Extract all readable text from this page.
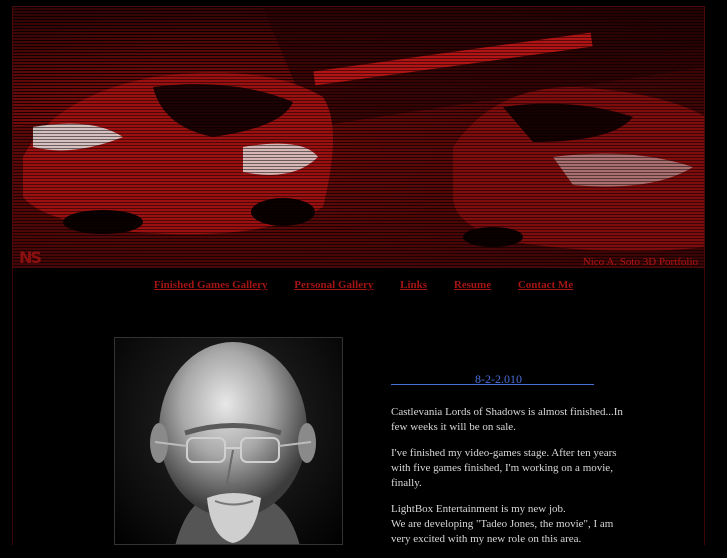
NS	Nico A. Soto 3D Portfolio
Finished Games Gallery Personal Gallery Links Resume Contact Me
______________8-2-2.010____________

Castlevania Lords of Shadows is almost finished...In few weeks it will be on sale.

I've finished my video-games stage. After ten years with five games finished, I'm working on a movie, finally.

LightBox Entertainment is my new job.
We are developing "Tadeo Jones, the movie", I am very excited with my new role on this area.
